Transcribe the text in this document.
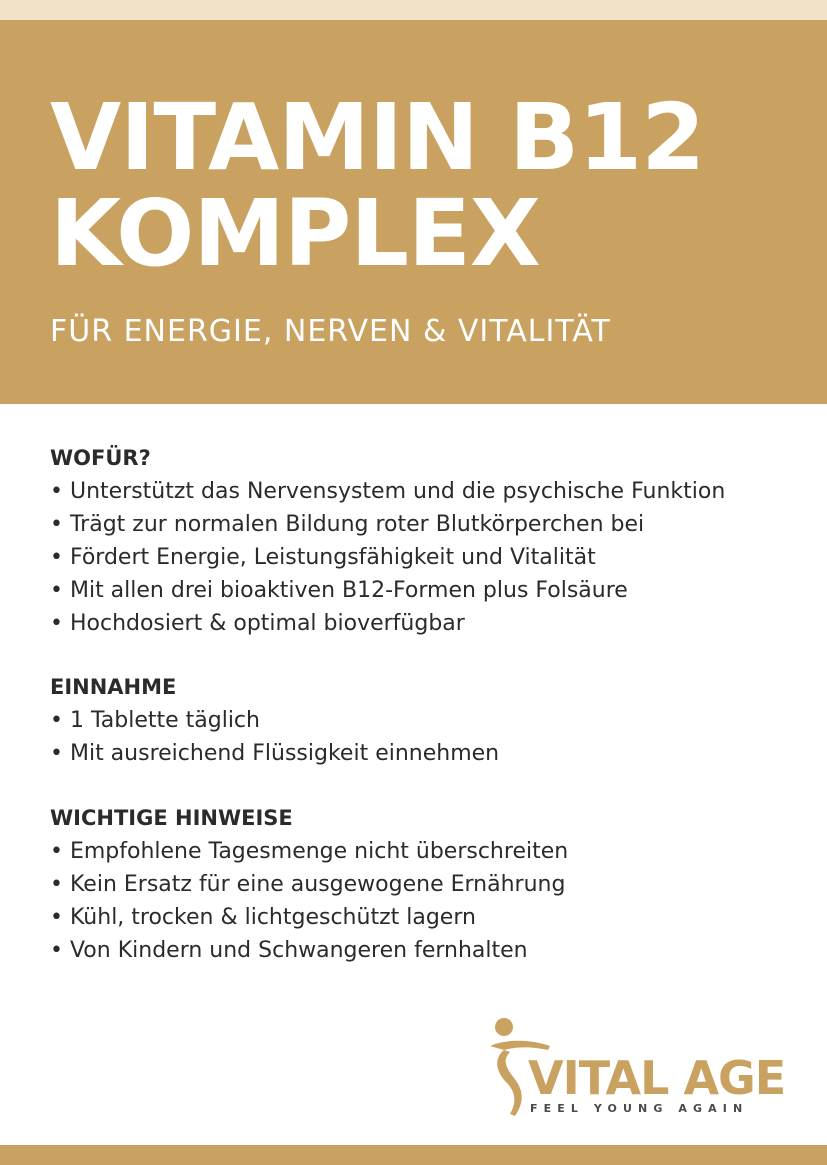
VITAMIN B12
KOMPLEX

FÜR ENERGIE, NERVEN & VITALITÄT

WOFÜR?
• Unterstützt das Nervensystem und die psychische Funktion
• Trägt zur normalen Bildung roter Blutkörperchen bei
• Fördert Energie, Leistungsfähigkeit und Vitalität
• Mit allen drei bioaktiven B12-Formen plus Folsäure
• Hochdosiert & optimal bioverfügbar
EINNAHME
• 1 Tablette täglich
• Mit ausreichend Flüssigkeit einnehmen
WICHTIGE HINWEISE
• Empfohlene Tagesmenge nicht überschreiten
• Kein Ersatz für eine ausgewogene Ernährung
• Kühl, trocken & lichtgeschützt lagern
• Von Kindern und Schwangeren fernhalten
VITAL AGE
FEEL YOUNG AGAIN
